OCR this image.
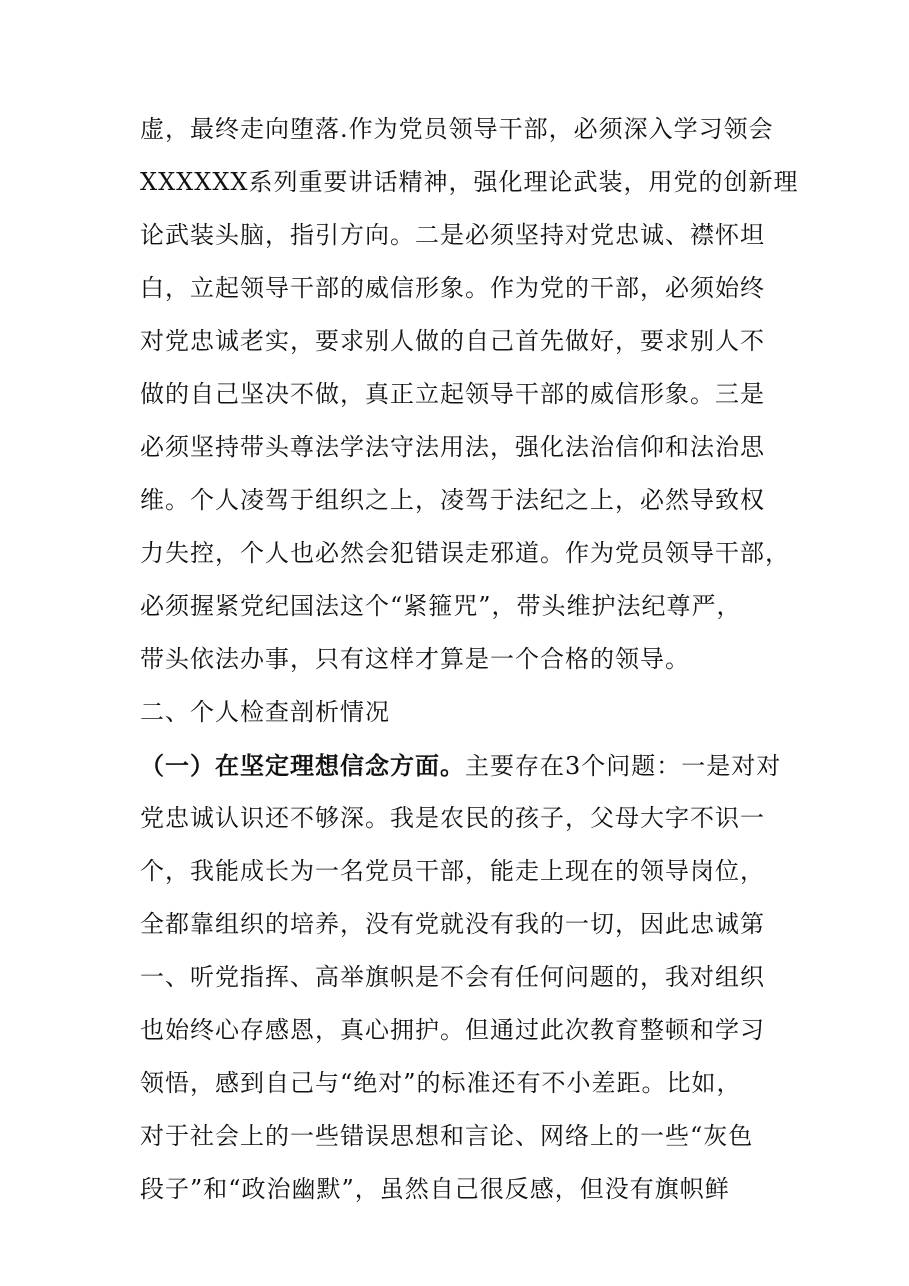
虚，最终走向堕落.作为党员领导干部，必须深入学习领会
XXXXXX系列重要讲话精神，强化理论武装，用党的创新理
论武装头脑，指引方向。二是必须坚持对党忠诚、襟怀坦
白，立起领导干部的威信形象。作为党的干部，必须始终
对党忠诚老实，要求别人做的自己首先做好，要求别人不
做的自己坚决不做，真正立起领导干部的威信形象。三是
必须坚持带头尊法学法守法用法，强化法治信仰和法治思
维。个人凌驾于组织之上，凌驾于法纪之上，必然导致权
力失控，个人也必然会犯错误走邪道。作为党员领导干部，
必须握紧党纪国法这个“紧箍咒”，带头维护法纪尊严，
带头依法办事，只有这样才算是一个合格的领导。
二、个人检查剖析情况
（一）在坚定理想信念方面。主要存在3个问题：一是对对
党忠诚认识还不够深。我是农民的孩子，父母大字不识一
个，我能成长为一名党员干部，能走上现在的领导岗位，
全都靠组织的培养，没有党就没有我的一切，因此忠诚第
一、听党指挥、高举旗帜是不会有任何问题的，我对组织
也始终心存感恩，真心拥护。但通过此次教育整顿和学习
领悟，感到自己与“绝对”的标准还有不小差距。比如，
对于社会上的一些错误思想和言论、网络上的一些“灰色
段子”和“政治幽默”，虽然自己很反感，但没有旗帜鲜
